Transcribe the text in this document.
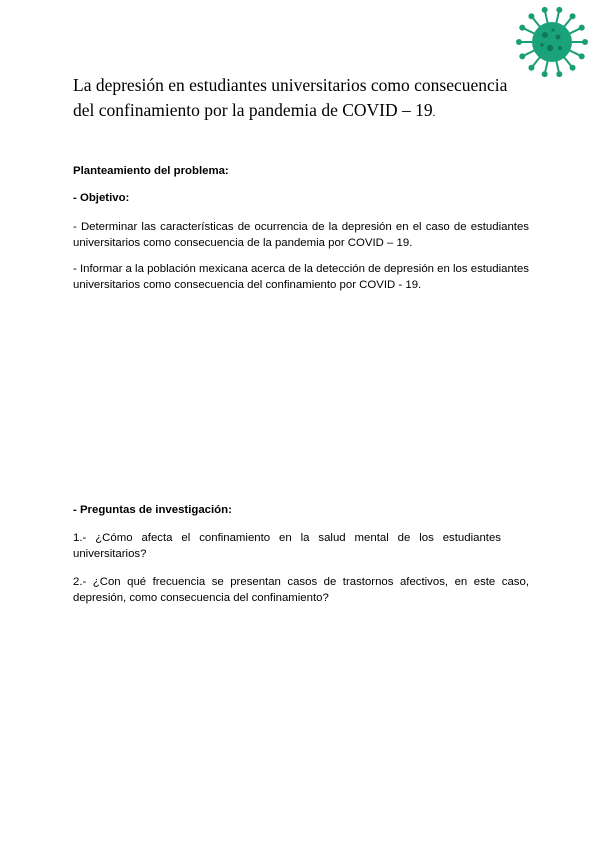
La depresión en estudiantes universitarios como consecuencia
del confinamiento por la pandemia de COVID – 19.

Planteamiento del problema:

- Objetivo:

- Determinar las características de ocurrencia de la depresión en el caso de estudiantes universitarios como consecuencia de la pandemia por COVID – 19.

- Informar a la población mexicana acerca de la detección de depresión en los estudiantes universitarios como consecuencia del confinamiento por COVID - 19.

- Preguntas de investigación:

1.- ¿Cómo afecta el confinamiento en la salud mental de los estudiantes universitarios?

2.- ¿Con qué frecuencia se presentan casos de trastornos afectivos, en este caso, depresión, como consecuencia del confinamiento?
